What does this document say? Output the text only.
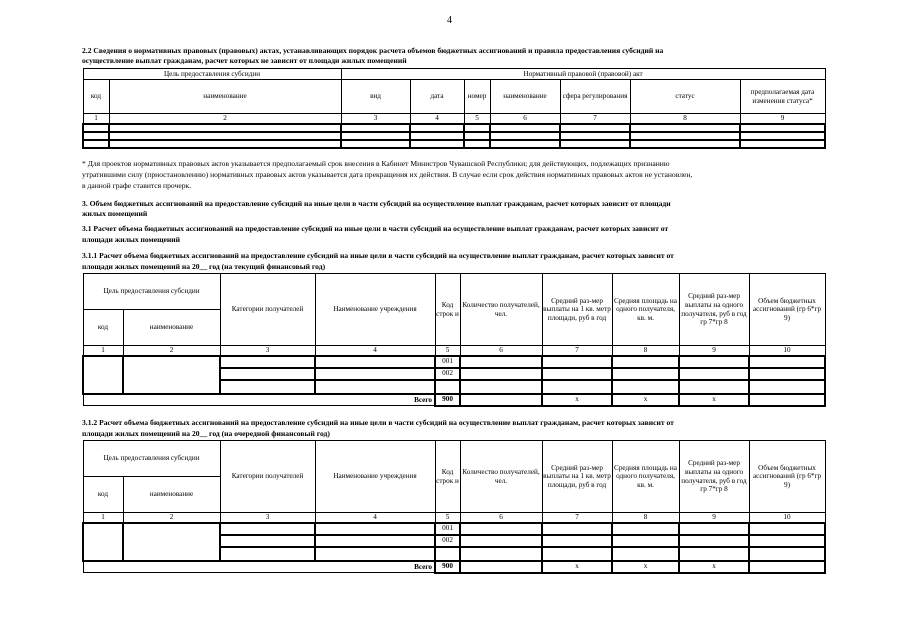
4
2.2 Сведения о нормативных правовых (правовых) актах, устанавливающих порядок расчета объемов бюджетных ассигнований и правила предоставления субсидий на
осуществление выплат гражданам, расчет которых не зависит от площади жилых помещений
Цель предоставления субсидии		Нормативный правовой (правовой) акт						
код	наименование	вид	дата	номер	наименование	сфера регулирования	статус	предполагаемая дата изменения статуса*
1	2	3	4	5	6	7	8	9

* Для проектов нормативных правовых актов указывается предполагаемый срок внесения в Кабинет Министров Чувашской Республики; для действующих, подлежащих признанию
утратившими силу (приостановлению) нормативных правовых актов указывается дата прекращения их действия. В случае если срок действия нормативных правовых актов не установлен,
в данной графе ставится прочерк.
3. Объем бюджетных ассигнований на предоставление субсидий на иные цели в части субсидий на осуществление выплат гражданам, расчет которых зависит от площади
жилых помещений
3.1 Расчет объема бюджетных ассигнований на предоставление субсидий на иные цели в части субсидий на осуществление выплат гражданам, расчет которых зависит от
площади жилых помещений
3.1.1 Расчет объема бюджетных ассигнований на предоставление субсидий на иные цели в части субсидий на осуществление выплат гражданам, расчет которых зависит от
площади жилых помещений на 20__ год (на текущий финансовый год)
Цель предоставления субсидии		Категории получателей	Наименование учреждения	Код строк и	Количество получателей, чел.	Средний раз-мер выплаты на 1 кв. метр площади, руб в год	Средняя площадь на одного получателя, кв. м.	Средний раз-мер выплаты на одного получателя, руб в год гр 7*гр 8	Объем бюджетных ассигнований (гр 6*гр 9)
код	наименование								
1	2	3	4	5	6	7	8	9	10
				001					
				002					

Всего				900		x	x	x	
3.1.2 Расчет объема бюджетных ассигнований на предоставление субсидий на иные цели в части субсидий на осуществление выплат гражданам, расчет которых зависит от
площади жилых помещений на 20__ год (на очередной финансовый год)
Цель предоставления субсидии		Категории получателей	Наименование учреждения	Код строк и	Количество получателей, чел.	Средний раз-мер выплаты на 1 кв. метр площади, руб в год	Средняя площадь на одного получателя, кв. м.	Средний раз-мер выплаты на одного получателя, руб в год гр 7*гр 8	Объем бюджетных ассигнований (гр 6*гр 9)
код	наименование								
1	2	3	4	5	6	7	8	9	10
				001					
				002					

Всего				900		x	x	x	
